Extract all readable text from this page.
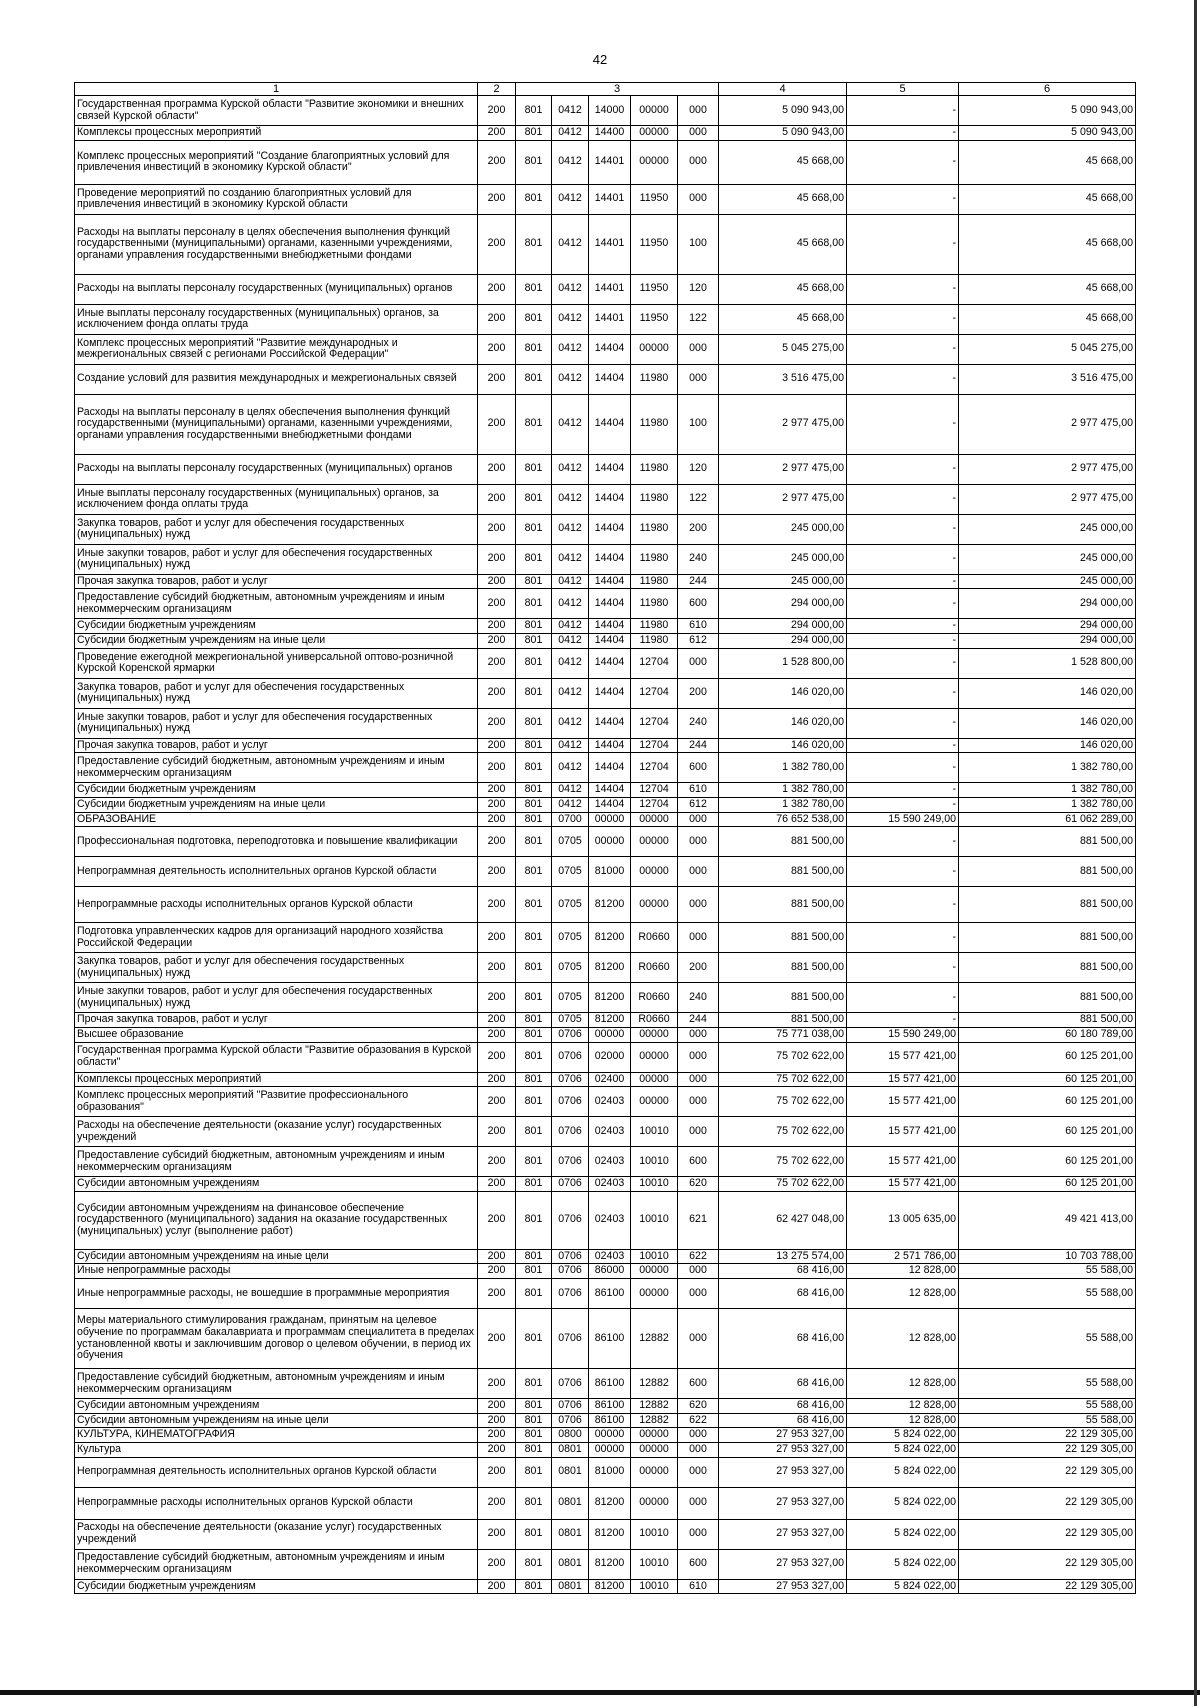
42
1	2	3					4	5	6
Государственная программа Курской области "Развитие экономики и внешних связей Курской области"	200	801	0412	14000	00000	000	5 090 943,00	-	5 090 943,00
Комплексы процессных мероприятий	200	801	0412	14400	00000	000	5 090 943,00	-	5 090 943,00
Комплекс процессных мероприятий "Создание благоприятных условий для привлечения инвестиций в экономику Курской области"	200	801	0412	14401	00000	000	45 668,00	-	45 668,00
Проведение мероприятий по созданию благоприятных условий для привлечения инвестиций в экономику Курской области	200	801	0412	14401	11950	000	45 668,00	-	45 668,00
Расходы на выплаты персоналу в целях обеспечения выполнения функций государственными (муниципальными) органами, казенными учреждениями, органами управления государственными внебюджетными фондами	200	801	0412	14401	11950	100	45 668,00	-	45 668,00
Расходы на выплаты персоналу государственных (муниципальных) органов	200	801	0412	14401	11950	120	45 668,00	-	45 668,00
Иные выплаты персоналу государственных (муниципальных) органов, за исключением фонда оплаты труда	200	801	0412	14401	11950	122	45 668,00	-	45 668,00
Комплекс процессных мероприятий "Развитие международных и межрегиональных связей с регионами Российской Федерации"	200	801	0412	14404	00000	000	5 045 275,00	-	5 045 275,00
Создание условий для развития международных и межрегиональных связей	200	801	0412	14404	11980	000	3 516 475,00	-	3 516 475,00
Расходы на выплаты персоналу в целях обеспечения выполнения функций государственными (муниципальными) органами, казенными учреждениями, органами управления государственными внебюджетными фондами	200	801	0412	14404	11980	100	2 977 475,00	-	2 977 475,00
Расходы на выплаты персоналу государственных (муниципальных) органов	200	801	0412	14404	11980	120	2 977 475,00	-	2 977 475,00
Иные выплаты персоналу государственных (муниципальных) органов, за исключением фонда оплаты труда	200	801	0412	14404	11980	122	2 977 475,00	-	2 977 475,00
Закупка товаров, работ и услуг для обеспечения государственных (муниципальных) нужд	200	801	0412	14404	11980	200	245 000,00	-	245 000,00
Иные закупки товаров, работ и услуг для обеспечения государственных (муниципальных) нужд	200	801	0412	14404	11980	240	245 000,00	-	245 000,00
Прочая закупка товаров, работ и услуг	200	801	0412	14404	11980	244	245 000,00	-	245 000,00
Предоставление субсидий бюджетным, автономным учреждениям и иным некоммерческим организациям	200	801	0412	14404	11980	600	294 000,00	-	294 000,00
Субсидии бюджетным учреждениям	200	801	0412	14404	11980	610	294 000,00	-	294 000,00
Субсидии бюджетным учреждениям на иные цели	200	801	0412	14404	11980	612	294 000,00	-	294 000,00
Проведение ежегодной межрегиональной универсальной оптово-розничной Курской Коренской ярмарки	200	801	0412	14404	12704	000	1 528 800,00	-	1 528 800,00
Закупка товаров, работ и услуг для обеспечения государственных (муниципальных) нужд	200	801	0412	14404	12704	200	146 020,00	-	146 020,00
Иные закупки товаров, работ и услуг для обеспечения государственных (муниципальных) нужд	200	801	0412	14404	12704	240	146 020,00	-	146 020,00
Прочая закупка товаров, работ и услуг	200	801	0412	14404	12704	244	146 020,00	-	146 020,00
Предоставление субсидий бюджетным, автономным учреждениям и иным некоммерческим организациям	200	801	0412	14404	12704	600	1 382 780,00	-	1 382 780,00
Субсидии бюджетным учреждениям	200	801	0412	14404	12704	610	1 382 780,00	-	1 382 780,00
Субсидии бюджетным учреждениям на иные цели	200	801	0412	14404	12704	612	1 382 780,00	-	1 382 780,00
ОБРАЗОВАНИЕ	200	801	0700	00000	00000	000	76 652 538,00	15 590 249,00	61 062 289,00
Профессиональная подготовка, переподготовка и повышение квалификации	200	801	0705	00000	00000	000	881 500,00	-	881 500,00
Непрограммная деятельность исполнительных органов Курской области	200	801	0705	81000	00000	000	881 500,00	-	881 500,00
Непрограммные расходы исполнительных органов Курской области	200	801	0705	81200	00000	000	881 500,00	-	881 500,00
Подготовка управленческих кадров для организаций народного хозяйства Российской Федерации	200	801	0705	81200	R0660	000	881 500,00	-	881 500,00
Закупка товаров, работ и услуг для обеспечения государственных (муниципальных) нужд	200	801	0705	81200	R0660	200	881 500,00	-	881 500,00
Иные закупки товаров, работ и услуг для обеспечения государственных (муниципальных) нужд	200	801	0705	81200	R0660	240	881 500,00	-	881 500,00
Прочая закупка товаров, работ и услуг	200	801	0705	81200	R0660	244	881 500,00	-	881 500,00
Высшее образование	200	801	0706	00000	00000	000	75 771 038,00	15 590 249,00	60 180 789,00
Государственная программа Курской области "Развитие образования в Курской области"	200	801	0706	02000	00000	000	75 702 622,00	15 577 421,00	60 125 201,00
Комплексы процессных мероприятий	200	801	0706	02400	00000	000	75 702 622,00	15 577 421,00	60 125 201,00
Комплекс процессных мероприятий "Развитие профессионального образования"	200	801	0706	02403	00000	000	75 702 622,00	15 577 421,00	60 125 201,00
Расходы на обеспечение деятельности (оказание услуг) государственных учреждений	200	801	0706	02403	10010	000	75 702 622,00	15 577 421,00	60 125 201,00
Предоставление субсидий бюджетным, автономным учреждениям и иным некоммерческим организациям	200	801	0706	02403	10010	600	75 702 622,00	15 577 421,00	60 125 201,00
Субсидии автономным учреждениям	200	801	0706	02403	10010	620	75 702 622,00	15 577 421,00	60 125 201,00
Субсидии автономным учреждениям на финансовое обеспечение государственного (муниципального) задания на оказание государственных (муниципальных) услуг (выполнение работ)	200	801	0706	02403	10010	621	62 427 048,00	13 005 635,00	49 421 413,00
Субсидии автономным учреждениям на иные цели	200	801	0706	02403	10010	622	13 275 574,00	2 571 786,00	10 703 788,00
Иные непрограммные расходы	200	801	0706	86000	00000	000	68 416,00	12 828,00	55 588,00
Иные непрограммные расходы, не вошедшие в программные мероприятия	200	801	0706	86100	00000	000	68 416,00	12 828,00	55 588,00
Меры материального стимулирования гражданам, принятым на целевое обучение по программам бакалавриата и программам специалитета в пределах установленной квоты и заключившим договор о целевом обучении, в период их обучения	200	801	0706	86100	12882	000	68 416,00	12 828,00	55 588,00
Предоставление субсидий бюджетным, автономным учреждениям и иным некоммерческим организациям	200	801	0706	86100	12882	600	68 416,00	12 828,00	55 588,00
Субсидии автономным учреждениям	200	801	0706	86100	12882	620	68 416,00	12 828,00	55 588,00
Субсидии автономным учреждениям на иные цели	200	801	0706	86100	12882	622	68 416,00	12 828,00	55 588,00
КУЛЬТУРА, КИНЕМАТОГРАФИЯ	200	801	0800	00000	00000	000	27 953 327,00	5 824 022,00	22 129 305,00
Культура	200	801	0801	00000	00000	000	27 953 327,00	5 824 022,00	22 129 305,00
Непрограммная деятельность исполнительных органов Курской области	200	801	0801	81000	00000	000	27 953 327,00	5 824 022,00	22 129 305,00
Непрограммные расходы исполнительных органов Курской области	200	801	0801	81200	00000	000	27 953 327,00	5 824 022,00	22 129 305,00
Расходы на обеспечение деятельности (оказание услуг) государственных учреждений	200	801	0801	81200	10010	000	27 953 327,00	5 824 022,00	22 129 305,00
Предоставление субсидий бюджетным, автономным учреждениям и иным некоммерческим организациям	200	801	0801	81200	10010	600	27 953 327,00	5 824 022,00	22 129 305,00
Субсидии бюджетным учреждениям	200	801	0801	81200	10010	610	27 953 327,00	5 824 022,00	22 129 305,00
